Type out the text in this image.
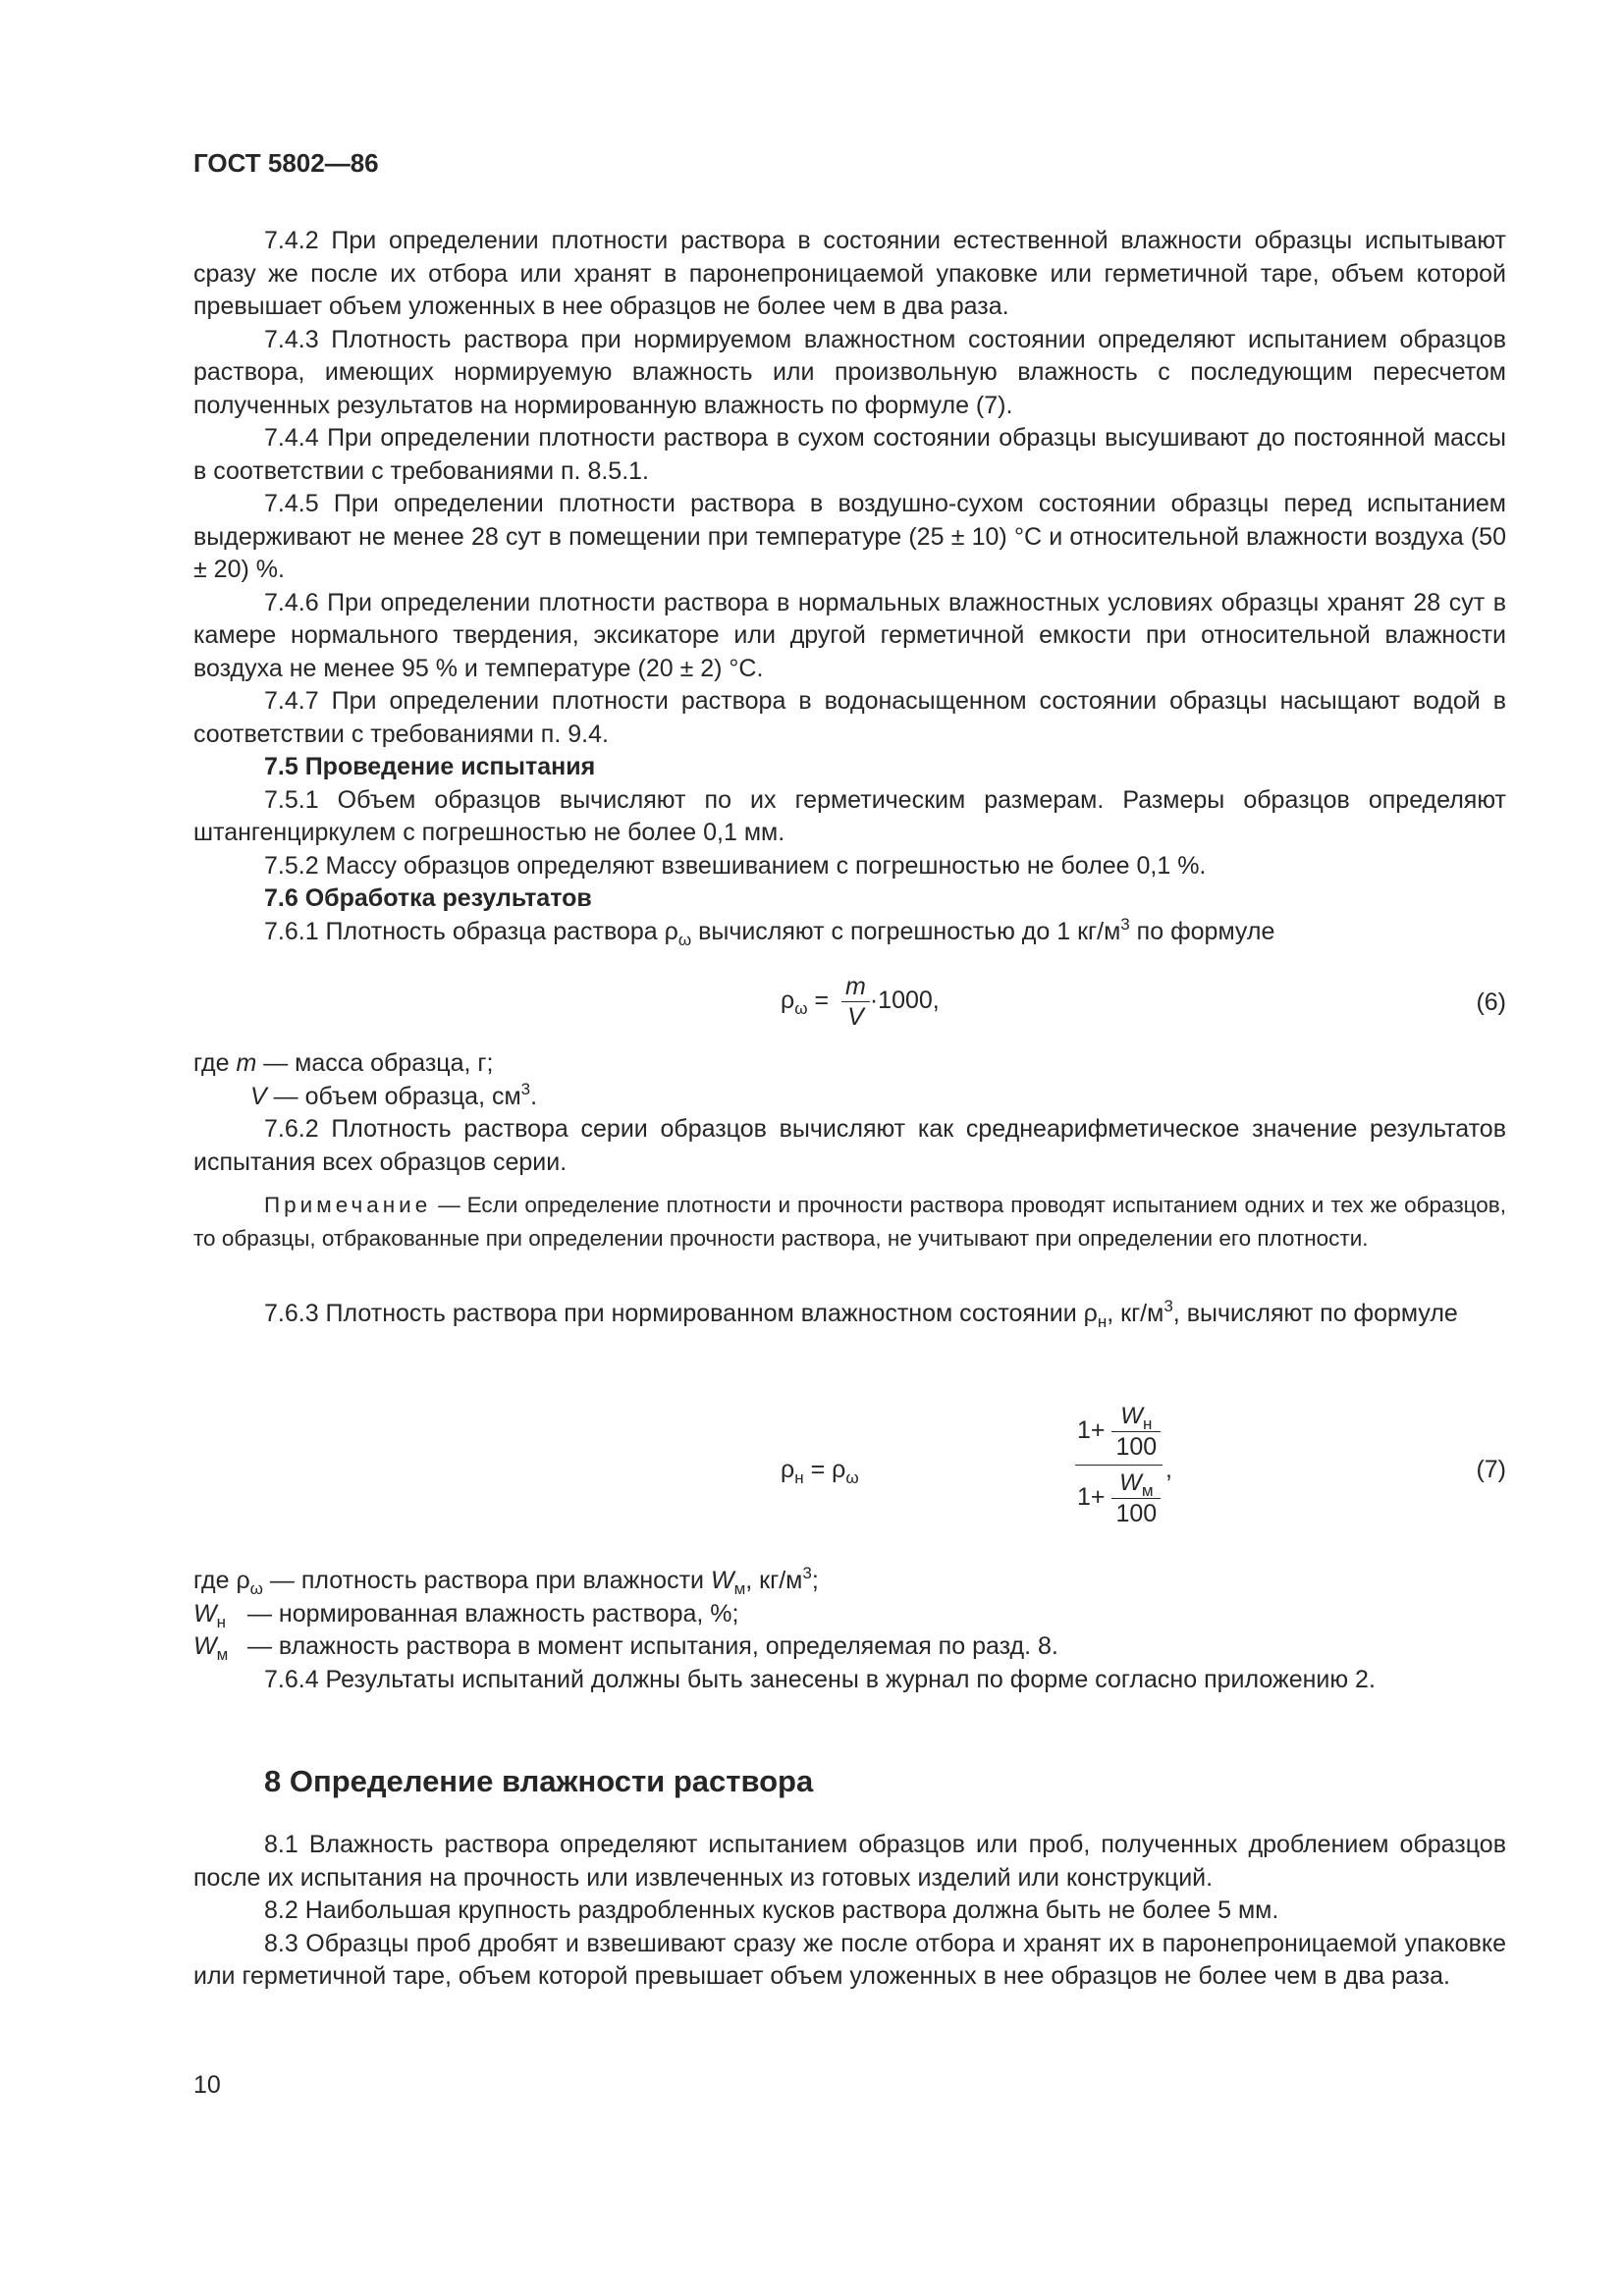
ГОСТ 5802—86

7.4.2 При определении плотности раствора в состоянии естественной влажности образцы испытывают сразу же после их отбора или хранят в паронепроницаемой упаковке или герметичной таре, объем которой превышает объем уложенных в нее образцов не более чем в два раза.

7.4.3 Плотность раствора при нормируемом влажностном состоянии определяют испытанием образцов раствора, имеющих нормируемую влажность или произвольную влажность с последующим пересчетом полученных результатов на нормированную влажность по формуле (7).

7.4.4 При определении плотности раствора в сухом состоянии образцы высушивают до постоянной массы в соответствии с требованиями п. 8.5.1.

7.4.5 При определении плотности раствора в воздушно-сухом состоянии образцы перед испытанием выдерживают не менее 28 сут в помещении при температуре (25 ± 10) °С и относительной влажности воздуха (50 ± 20) %.

7.4.6 При определении плотности раствора в нормальных влажностных условиях образцы хранят 28 сут в камере нормального твердения, эксикаторе или другой герметичной емкости при относительной влажности воздуха не менее 95 % и температуре (20 ± 2) °С.

7.4.7 При определении плотности раствора в водонасыщенном состоянии образцы насыщают водой в соответствии с требованиями п. 9.4.

7.5 Проведение испытания

7.5.1 Объем образцов вычисляют по их герметическим размерам. Размеры образцов определяют штангенциркулем с погрешностью не более 0,1 мм.

7.5.2 Массу образцов определяют взвешиванием с погрешностью не более 0,1 %.

7.6 Обработка результатов

7.6.1 Плотность образца раствора $\rho_\omega$ вычисляют с погрешностью до 1 $кг/м^3$ по формуле

$\rho_\omega = \frac{m}{V} \cdot 1000$,	(6)

где m — масса образца, г;

V — объем образца, $см^3$.

7.6.2 Плотность раствора серии образцов вычисляют как среднеарифметическое значение результатов испытания всех образцов серии.

Примечание — Если определение плотности и прочности раствора проводят испытанием одних и тех же образцов, то образцы, отбракованные при определении прочности раствора, не учитывают при определении его плотности.

7.6.3 Плотность раствора при нормированном влажностном состоянии $\rho_н$, $кг/м^3$, вычисляют по формуле

$\rho_н = \rho_\omega$
$1+ \frac{W_н}{100}$
$1+ \frac{W_м}{100}$ ,	(7)

где $\rho_\omega$ — плотность раствора при влажности $W_м$, $кг/м^3$;

$W_н$ — нормированная влажность раствора, %;

$W_м$ — влажность раствора в момент испытания, определяемая по разд. 8.

7.6.4 Результаты испытаний должны быть занесены в журнал по форме согласно приложению 2.

8 Определение влажности раствора

8.1 Влажность раствора определяют испытанием образцов или проб, полученных дроблением образцов после их испытания на прочность или извлеченных из готовых изделий или конструкций.

8.2 Наибольшая крупность раздробленных кусков раствора должна быть не более 5 мм.

8.3 Образцы проб дробят и взвешивают сразу же после отбора и хранят их в паронепроницаемой упаковке или герметичной таре, объем которой превышает объем уложенных в нее образцов не более чем в два раза.

10
